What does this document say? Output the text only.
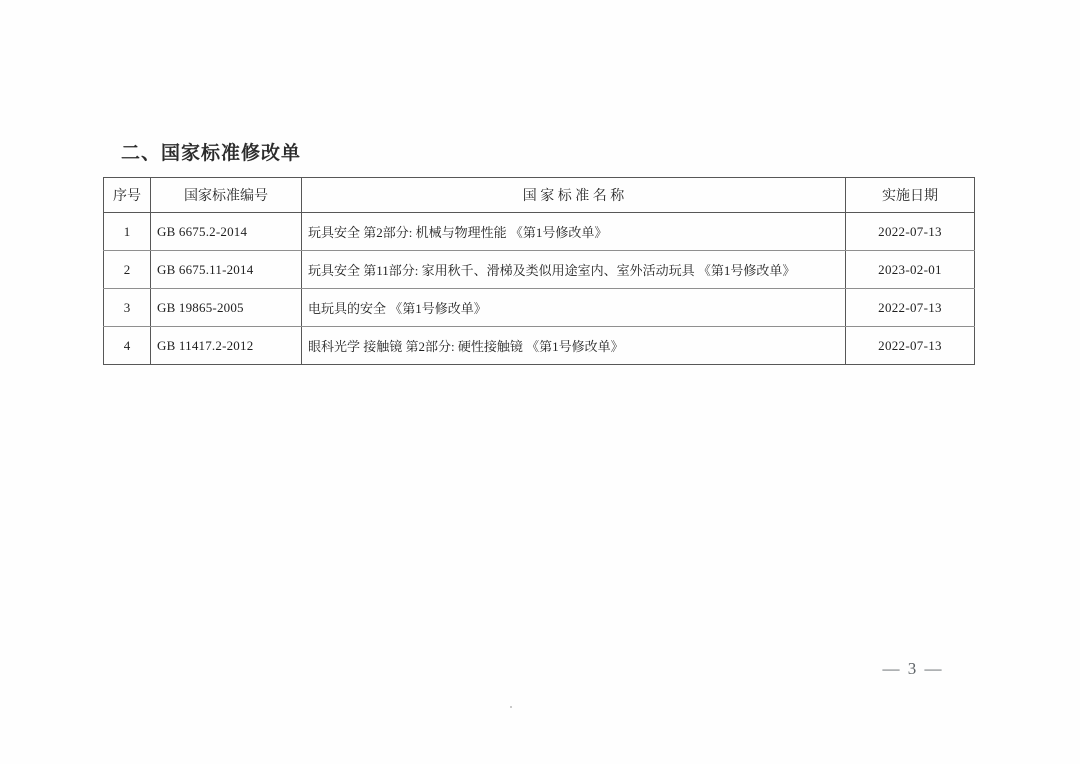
二、国家标准修改单
序号	国家标准编号	国 家 标 准 名 称	实施日期
1	GB 6675.2-2014	玩具安全 第2部分: 机械与物理性能 《第1号修改单》	2022-07-13
2	GB 6675.11-2014	玩具安全 第11部分: 家用秋千、滑梯及类似用途室内、室外活动玩具 《第1号修改单》	2023-02-01
3	GB 19865-2005	电玩具的安全 《第1号修改单》	2022-07-13
4	GB 11417.2-2012	眼科光学 接触镜 第2部分: 硬性接触镜 《第1号修改单》	2022-07-13
— 3 —
